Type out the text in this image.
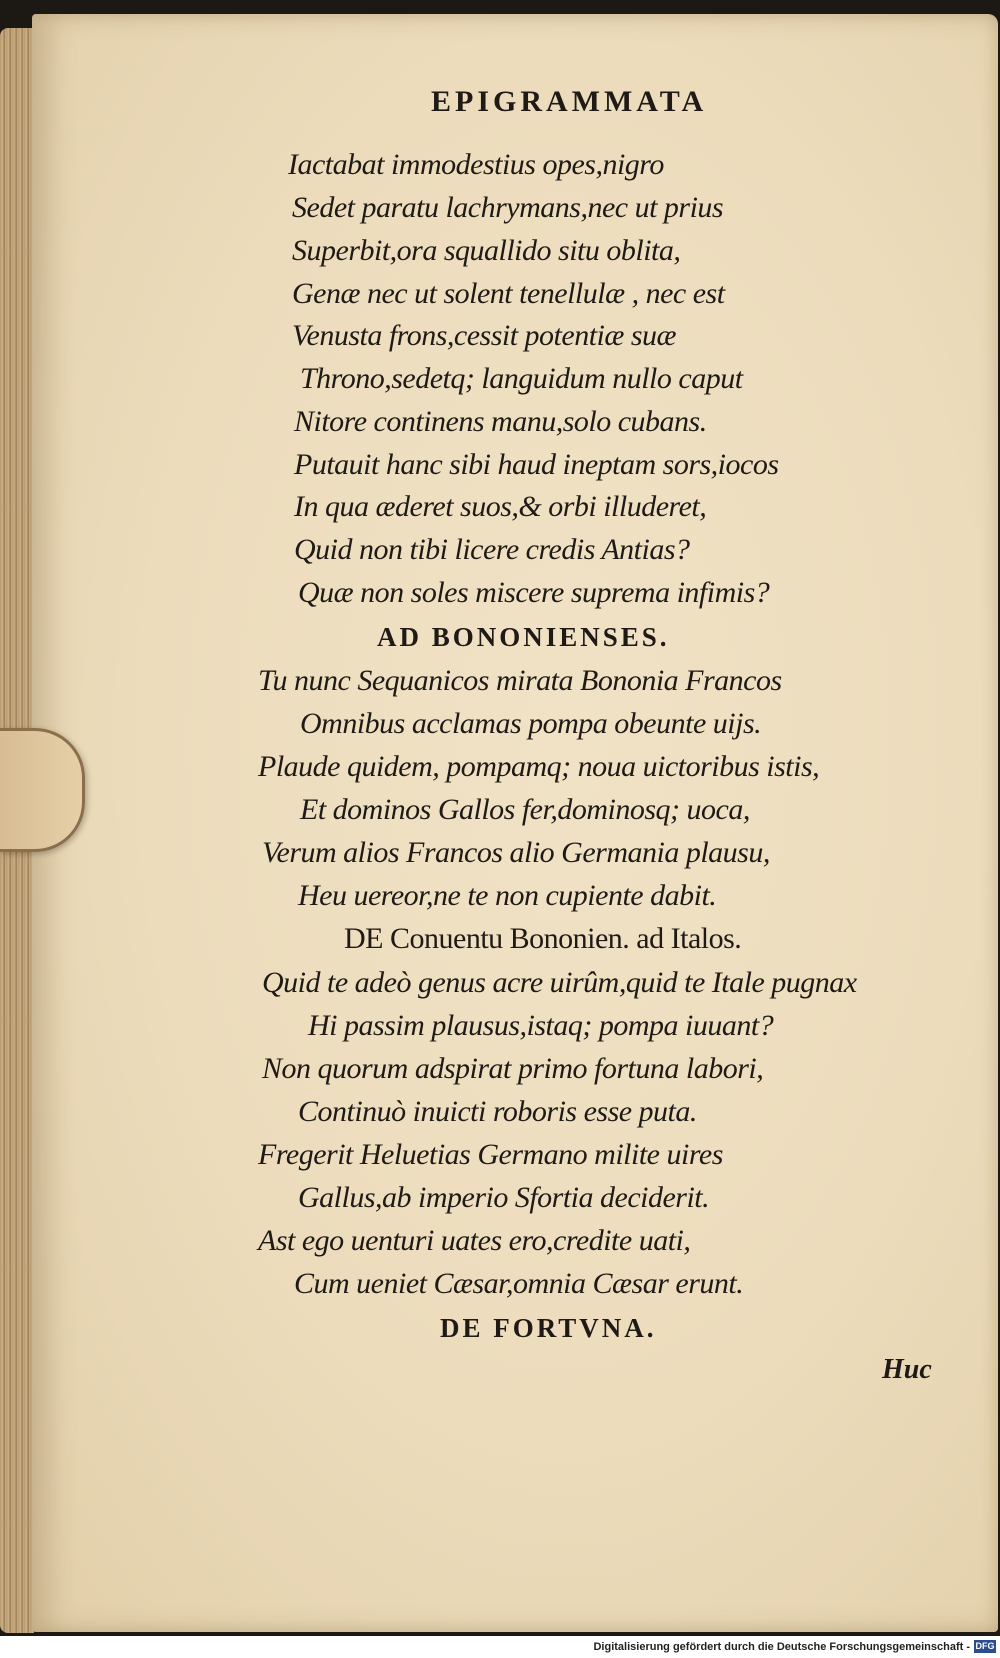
EPIGRAMMATA
Iactabat immodestius opes,nigro
Sedet paratu lachrymans,nec ut prius
Superbit,ora squallido situ oblita,
Genæ nec ut solent tenellulæ , nec est
Venusta frons,cessit potentiæ suæ
Throno,sedetq; languidum nullo caput
Nitore continens manu,solo cubans.
Putauit hanc sibi haud ineptam sors,iocos
In qua æderet suos,& orbi illuderet,
Quid non tibi licere credis Antias?
Quæ non soles miscere suprema infimis?
AD BONONIENSES.
Tu nunc Sequanicos mirata Bononia Francos
Omnibus acclamas pompa obeunte uijs.
Plaude quidem, pompamq; noua uictoribus istis,
Et dominos Gallos fer,dominosq; uoca,
Verum alios Francos alio Germania plausu,
Heu uereor,ne te non cupiente dabit.
DE Conuentu Bononien. ad Italos.
Quid te adeò genus acre uirûm,quid te Itale pugnax
Hi passim plausus,istaq; pompa iuuant?
Non quorum adspirat primo fortuna labori,
Continuò inuicti roboris esse puta.
Fregerit Heluetias Germano milite uires
Gallus,ab imperio Sfortia deciderit.
Ast ego uenturi uates ero,credite uati,
Cum ueniet Cæsar,omnia Cæsar erunt.
DE FORTVNA.
Huc
Digitalisierung gefördert durch die Deutsche Forschungsgemeinschaft - DFG
